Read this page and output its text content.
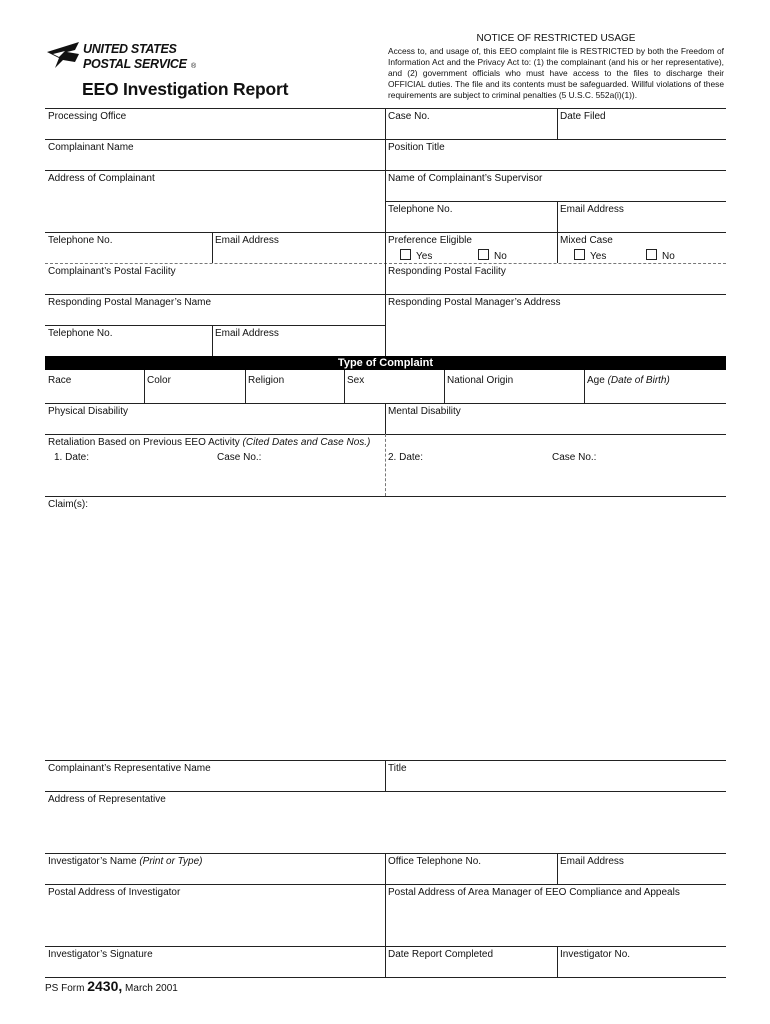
UNITED STATES
POSTAL SERVICE ®
EEO Investigation Report
NOTICE OF RESTRICTED USAGE
Access to, and usage of, this EEO complaint file is RESTRICTED by both the Freedom of Information Act and the Privacy Act to: (1) the complainant (and his or her representative), and (2) government officials who must have access to the files to discharge their OFFICIAL duties. The file and its contents must be safeguarded. Willful violations of these requirements are subject to criminal penalties (5 U.S.C. 552a(i)(1)).
Processing Office	Case No.	Date Filed
Complainant Name	Position Title
Address of Complainant	Name of Complainant’s Supervisor
Telephone No.	Email Address
Telephone No.	Email Address	Preference Eligible	Mixed Case
Yes	No	Yes	No
Complainant’s Postal Facility	Responding Postal Facility
Responding Postal Manager’s Name	Responding Postal Manager’s Address
Telephone No.	Email Address
Type of Complaint
Race	Color	Religion	Sex	National Origin	Age (Date of Birth)
Physical Disability	Mental Disability
Retaliation Based on Previous EEO Activity (Cited Dates and Case Nos.)
1. Date:	Case No.:	2. Date:	Case No.:
Claim(s):
Complainant’s Representative Name	Title
Address of Representative
Investigator’s Name (Print or Type)	Office Telephone No.	Email Address
Postal Address of Investigator	Postal Address of Area Manager of EEO Compliance and Appeals
Investigator’s Signature	Date Report Completed	Investigator No.
PS Form 2430, March 2001
